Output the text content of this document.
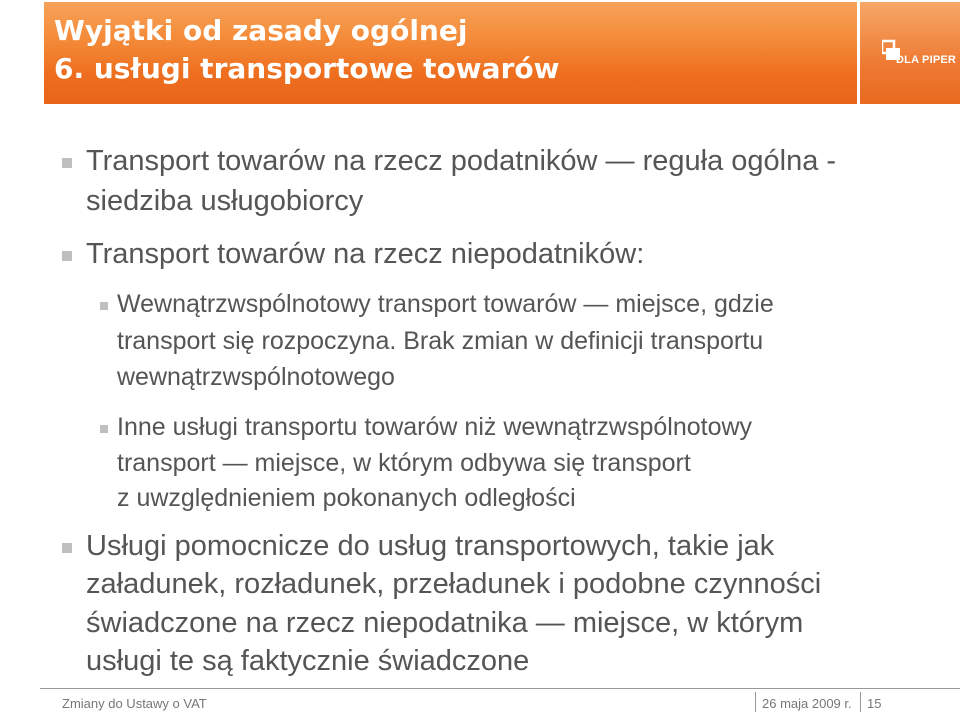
Wyjątki od zasady ogólnej
6. usługi transportowe towarów	DLA PIPER
Transport towarów na rzecz podatników — reguła ogólna -
siedziba usługobiorcy
Transport towarów na rzecz niepodatników:
Wewnątrzwspólnotowy transport towarów — miejsce, gdzie
transport się rozpoczyna. Brak zmian w definicji transportu
wewnątrzwspólnotowego
Inne usługi transportu towarów niż wewnątrzwspólnotowy
transport — miejsce, w którym odbywa się transport
z uwzględnieniem pokonanych odległości
Usługi pomocnicze do usług transportowych, takie jak
załadunek, rozładunek, przeładunek i podobne czynności
świadczone na rzecz niepodatnika — miejsce, w którym
usługi te są faktycznie świadczone
Zmiany do Ustawy o VAT	26 maja 2009 r. 15
